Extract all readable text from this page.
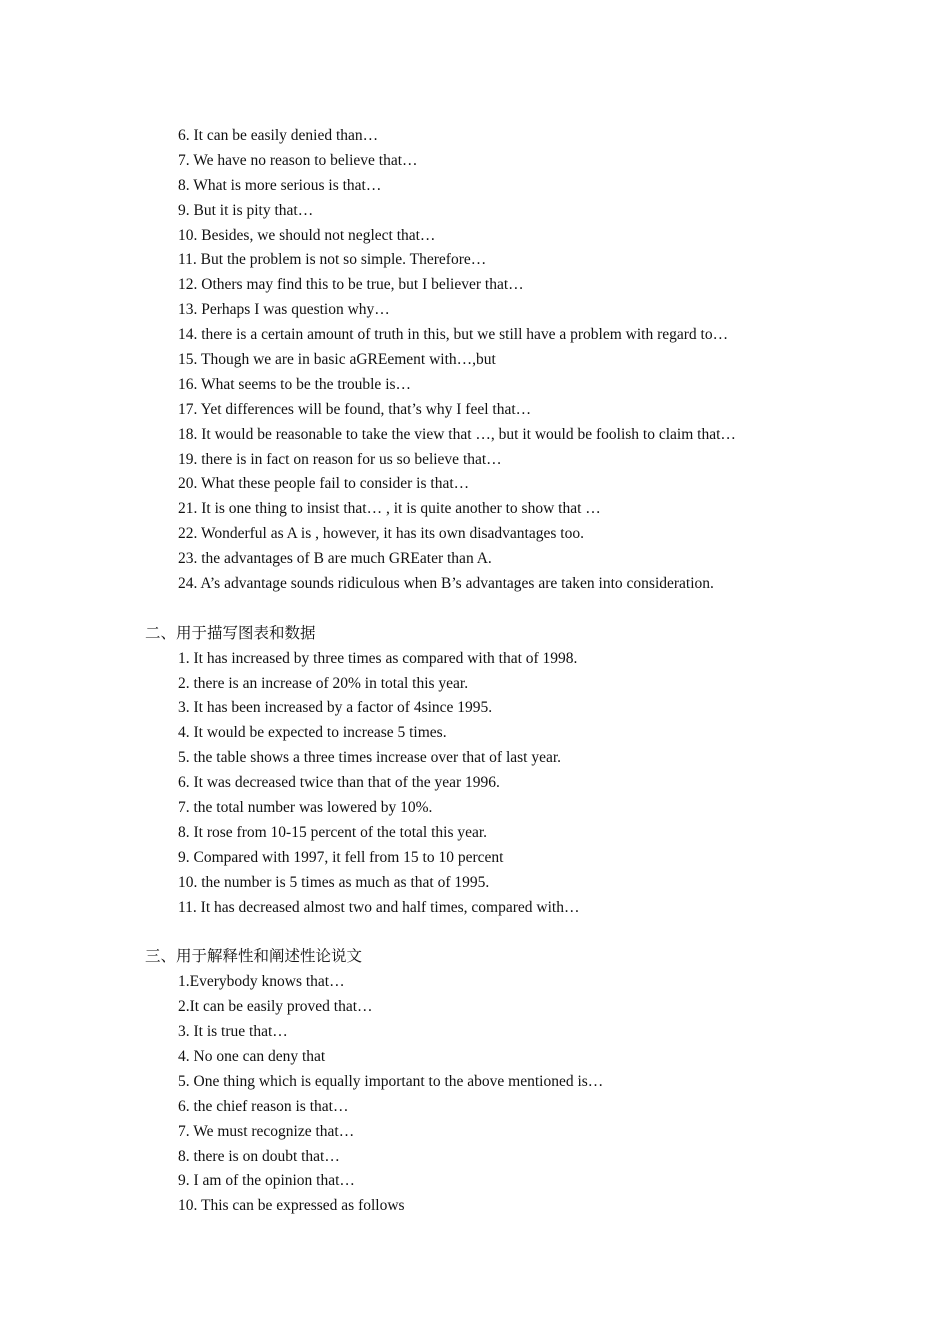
6. It can be easily denied than…
7. We have no reason to believe that…
8. What is more serious is that…
9. But it is pity that…
10. Besides, we should not neglect that…
11. But the problem is not so simple. Therefore…
12. Others may find this to be true, but I believer that…
13. Perhaps I was question why…
14. there is a certain amount of truth in this, but we still have a problem with regard to…
15. Though we are in basic aGREement with…,but
16. What seems to be the trouble is…
17. Yet differences will be found, that’s why I feel that…
18. It would be reasonable to take the view that …, but it would be foolish to claim that…
19. there is in fact on reason for us so believe that…
20. What these people fail to consider is that…
21. It is one thing to insist that… , it is quite another to show that …
22. Wonderful as A is , however, it has its own disadvantages too.
23. the advantages of B are much GREater than A.
24. A’s advantage sounds ridiculous when B’s advantages are taken into consideration.
二、用于描写图表和数据
1. It has increased by three times as compared with that of 1998.
2. there is an increase of 20% in total this year.
3. It has been increased by a factor of 4since 1995.
4. It would be expected to increase 5 times.
5. the table shows a three times increase over that of last year.
6. It was decreased twice than that of the year 1996.
7. the total number was lowered by 10%.
8. It rose from 10-15 percent of the total this year.
9. Compared with 1997, it fell from 15 to 10 percent
10. the number is 5 times as much as that of 1995.
11. It has decreased almost two and half times, compared with…
三、用于解释性和阐述性论说文
1.Everybody knows that…
2.It can be easily proved that…
3. It is true that…
4. No one can deny that
5. One thing which is equally important to the above mentioned is…
6. the chief reason is that…
7. We must recognize that…
8. there is on doubt that…
9. I am of the opinion that…
10. This can be expressed as follows
